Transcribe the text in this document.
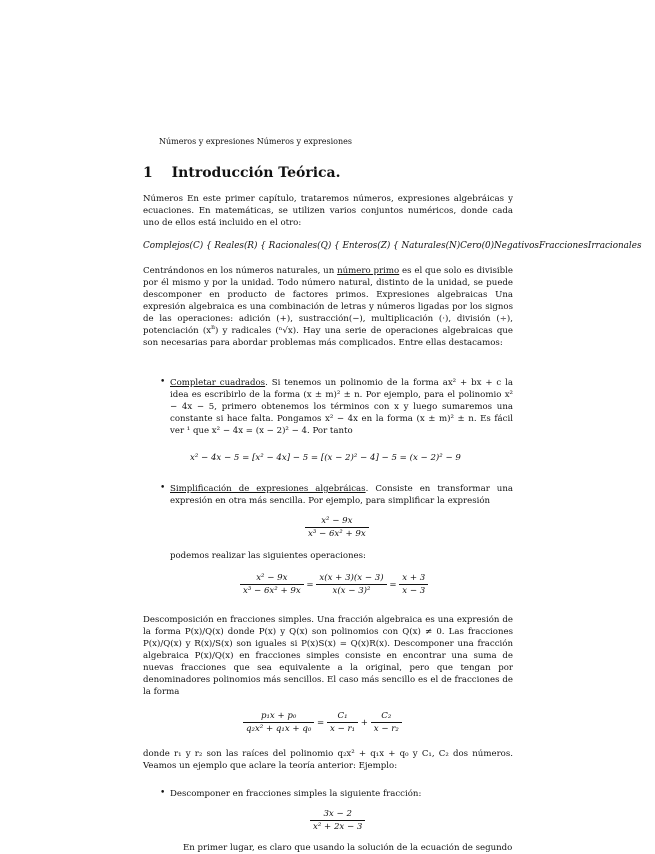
Números y expresiones Números y expresiones
1 Introducción Teórica.
Números En este primer capítulo, trataremos números, expresiones algebráicas y ecuaciones. En matemáticas, se utilizen varios conjuntos numéricos, donde cada uno de ellos está incluido en el otro:
Complejos(C) { Reales(R) { Racionales(Q) { Enteros(Z) { Naturales(N)Cero(0)NegativosFraccionesIrracionales
Centrándonos en los números naturales, un número primo es el que solo es divisible por él mismo y por la unidad. Todo número natural, distinto de la unidad, se puede descomponer en producto de factores primos. Expresiones algebraicas Una expresión algebraica es una combinación de letras y números ligadas por los signos de las operaciones: adición (+), sustracción(−), multiplicación (·), división (÷), potenciación $(x^n)$ y radicales (ⁿ√x). Hay una serie de operaciones algebraicas que son necesarias para abordar problemas más complicados. Entre ellas destacamos:
• Completar cuadrados. Si tenemos un polinomio de la forma ax² + bx + c la idea es escribirlo de la forma (x ± m)² ± n. Por ejemplo, para el polinomio x² − 4x − 5, primero obtenemos los términos con x y luego sumaremos una constante si hace falta. Pongamos x² − 4x en la forma (x ± m)² ± n. Es fácil ver ¹ que x² − 4x = (x − 2)² − 4. Por tanto
x² − 4x − 5 = [x² − 4x] − 5 = [(x − 2)² − 4] − 5 = (x − 2)² − 9
• Simplificación de expresiones algebráicas. Consiste en transformar una expresión en otra más sencilla. Por ejemplo, para simplificar la expresión
$\frac{\text{x² − 9x}}{\text{x³ − 6x² + 9x}}$
podemos realizar las siguientes operaciones:
$\frac{\text{x² − 9x}}{\text{x³ − 6x² + 9x}} = \frac{x(x + 3)(x - 3)}{\text{x(x − 3)²}} = \frac{x + 3}{x - 3}$
Descomposición en fracciones simples. Una fracción algebraica es una expresión de la forma P(x)/Q(x) donde P(x) y Q(x) son polinomios con Q(x) ≠ 0. Las fracciones P(x)/Q(x) y R(x)/S(x) son iguales si P(x)S(x) = Q(x)R(x). Descomponer una fracción algebraica P(x)/Q(x) en fracciones simples consiste en encontrar una suma de nuevas fracciones que sea equivalente a la original, pero que tengan por denominadores polinomios más sencillos. El caso más sencillo es el de fracciones de la forma
$\frac{\text{p₁x + p₀}}{\text{q₂x² + q₁x + q₀}} = \frac{\text{C₁}}{\text{x − r₁}} + \frac{\text{C₂}}{\text{x − r₂}}$
donde r₁ y r₂ son las raíces del polinomio q₂x² + q₁x + q₀ y C₁, C₂ dos números. Veamos un ejemplo que aclare la teoría anterior: Ejemplo:
• Descomponer en fracciones simples la siguiente fracción:
$\frac{3x - 2}{\text{x² + 2x − 3}}$
En primer lugar, es claro que usando la solución de la ecuación de segundo
